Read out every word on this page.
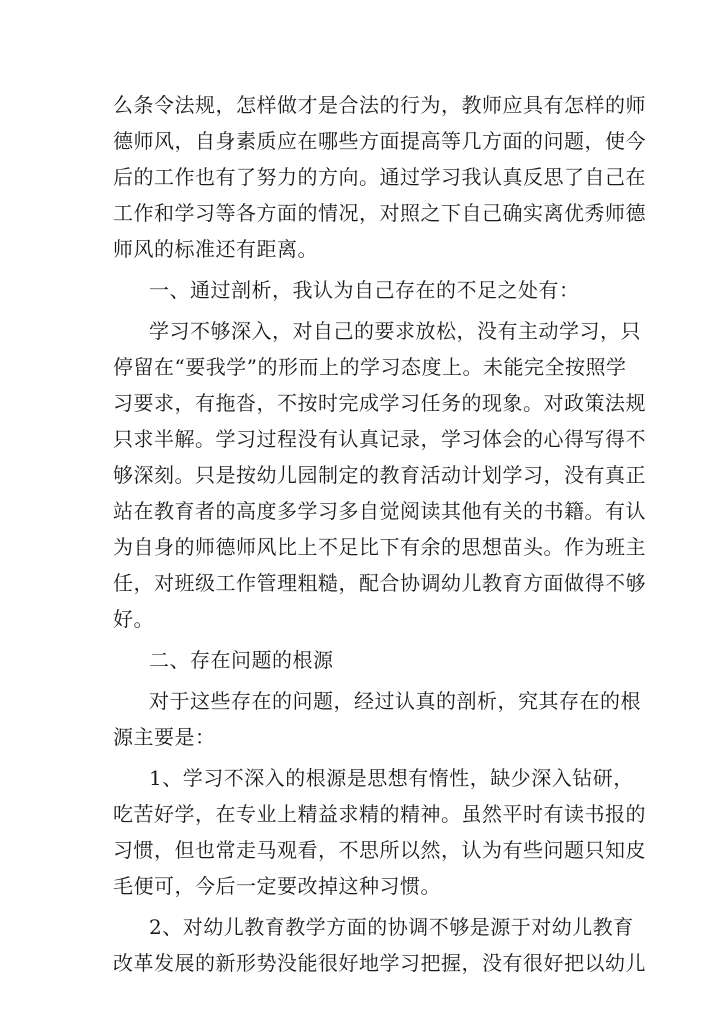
么条令法规，怎样做才是合法的行为，教师应具有怎样的师
德师风，自身素质应在哪些方面提高等几方面的问题，使今
后的工作也有了努力的方向。通过学习我认真反思了自己在
工作和学习等各方面的情况，对照之下自己确实离优秀师德
师风的标准还有距离。
一、通过剖析，我认为自己存在的不足之处有：
学习不够深入，对自己的要求放松，没有主动学习，只
停留在“要我学”的形而上的学习态度上。未能完全按照学
习要求，有拖沓，不按时完成学习任务的现象。对政策法规
只求半解。学习过程没有认真记录，学习体会的心得写得不
够深刻。只是按幼儿园制定的教育活动计划学习，没有真正
站在教育者的高度多学习多自觉阅读其他有关的书籍。有认
为自身的师德师风比上不足比下有余的思想苗头。作为班主
任，对班级工作管理粗糙，配合协调幼儿教育方面做得不够
好。
二、存在问题的根源
对于这些存在的问题，经过认真的剖析，究其存在的根
源主要是：
1、学习不深入的根源是思想有惰性，缺少深入钻研，
吃苦好学，在专业上精益求精的精神。虽然平时有读书报的
习惯，但也常走马观看，不思所以然，认为有些问题只知皮
毛便可，今后一定要改掉这种习惯。
2、对幼儿教育教学方面的协调不够是源于对幼儿教育
改革发展的新形势没能很好地学习把握，没有很好把以幼儿
